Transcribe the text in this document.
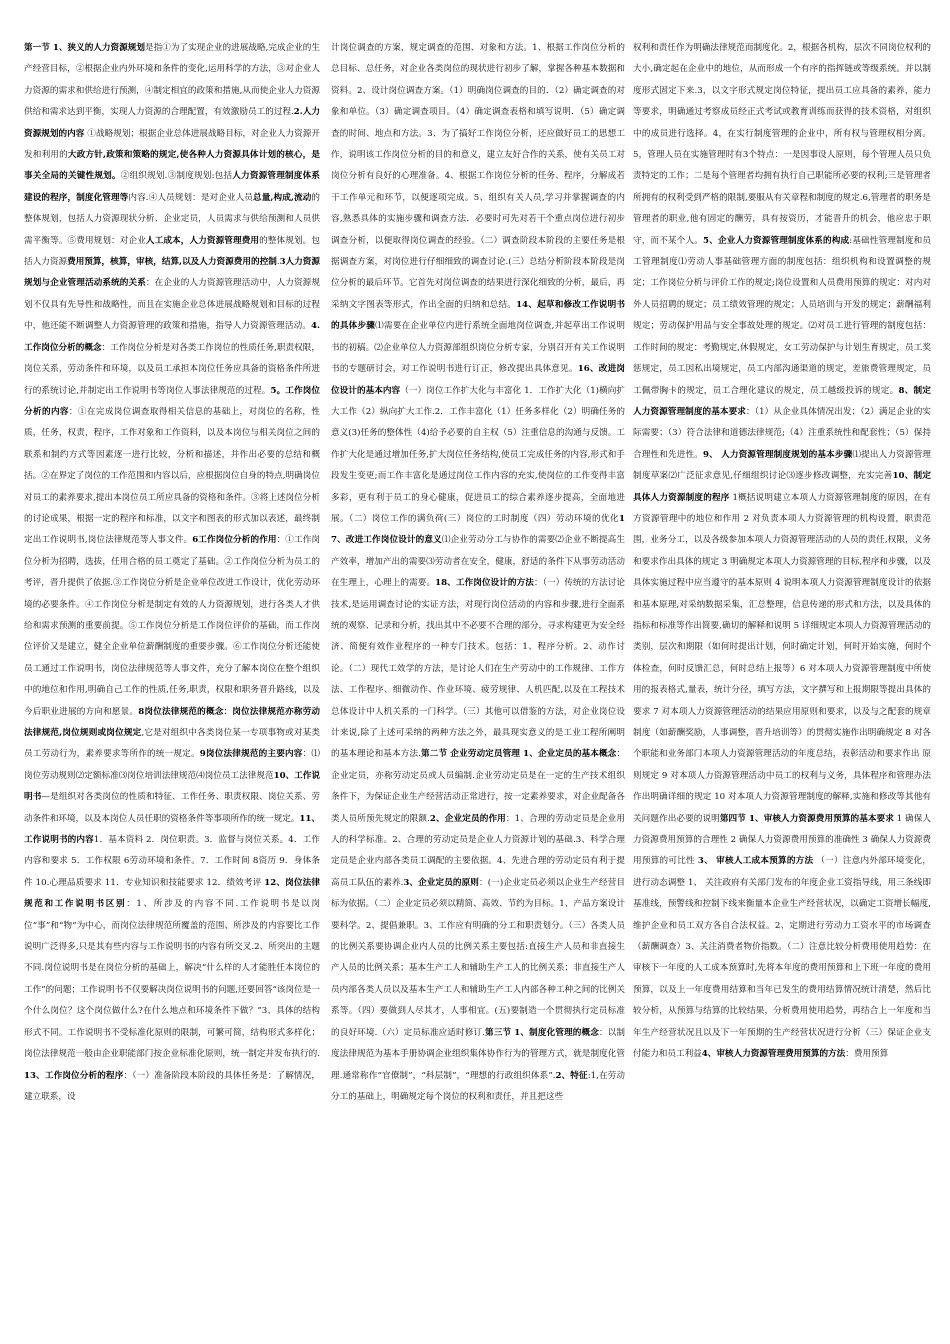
第一节 1、狭义的人力资源规划是指①为了实现企业的进展战略,完成企业的生产经营目标，②根据企业内外环境和条件的变化,运用科学的方法，③对企业人力资源的需求和供给进行预测，④制定相宜的政策和措施,从而使企业人力资源供给和需求达到平衡，实现人力资源的合理配置，有效激励员工的过程.2.人力资源规划的内容 ①战略规划；根据企业总体进展战略目标，对企业人力资源开发和利用的大政方针,政策和策略的规定,使各种人力资源具体计划的核心，是事关全局的关键性规划。②组织规划.③制度规划:包括人力资源管理制度体系建设的程序，制度化管理等内容.④人员规划：是对企业人员总量,构成,流动的整体规划，包括人力资源现状分析、企业定员，人员需求与供给预测和人员供需平衡等。⑤费用规划：对企业人工成本，人力资源管理费用的整体规划。包括人力资源费用预算，核算，审核，结算,以及人力资源费用的控制.3人力资源规划与企业管理活动系统的关系：在企业的人力资源管理活动中，人力资源规划不仅具有先导性和战略性，而且在实施企业总体进展战略规划和目标的过程中，他还能不断调整人力资源管理的政策和措施，指导人力资源管理活动。4.工作岗位分析的概念：工作岗位分析是对各类工作岗位的性质任务,职责权限，岗位关系，劳动条件和环境，以及员工承担本岗位任务应具备的资格条件所进行的系统讨论,并制定出工作说明书等岗位人事法律规范的过程。5。工作岗位分析的内容：①在完成岗位调查取得相关信息的基础上，对岗位的名称，性质，任务，权责，程序，工作对象和工作资料，以及本岗位与相关岗位之间的联系和制约方式等因素逐一进行比较，分析和描述，并作出必要的总结和概括。②在界定了岗位的工作范围和内容以后，应根据岗位自身的特点,明确岗位对员工的素养要求,提出本岗位员工所应具备的资格和条件。③将上述岗位分析的讨论成果，根据一定的程序和标准，以文字和图表的形式加以表述，最终制定出工作说明书,岗位法律规范等人事文件。6工作岗位分析的作用：①工作岗位分析为招聘，选拔，任用合格的员工奠定了基础。②工作岗位分析为员工的考评，晋升提供了依据.③工作岗位分析是企业单位改进工作设计，优化劳动环境的必要条件。④工作岗位分析是制定有效的人力资源规划，进行各类人才供给和需求预测的重要前提。⑤工作岗位分析是工作岗位评价的基础，而工作岗位评价又是建立，健全企业单位薪酬制度的重要步骤。⑥工作岗位分析还能使员工通过工作说明书，岗位法律规范等人事文件，充分了解本岗位在整个组织中的地位和作用,明确自己工作的性质,任务,职责，权限和职务晋升路线，以及今后职业进展的方向和愿景。8岗位法律规范的概念：岗位法律规范亦称劳动法律规范,岗位规则或岗位规定,它是对组织中各类岗位某一专项事物或对某类员工劳动行为，素养要求等所作的统一规定。9岗位法律规范的主要内容：⑴岗位劳动规则⑵定额标准⑶岗位培训法律规范⑷岗位员工法律规范10、工作说明书—是组织对各类岗位的性质和特征、工作任务、职责权限、岗位关系、劳动条件和环境，以及本岗位人员任职的资格条件等事项所作的统一规定。11、工作说明书的内容1．基本资料 2．岗位职责。3．监督与岗位关系。4．工作内容和要求 5．工作权限 6劳动环境和条件。7．工作时间 8资历 9．身体条件 10.心理品质要求 11．专业知识和技能要求 12．绩效考评 12、岗位法律规范和工作说明书区别：1、所涉及的内容不同.工作说明书是以岗位“事”和“物”为中心，而岗位法律规范所覆盖的范围、所涉及的内容要比工作说明广泛得多,只是其有些内容与工作说明书的内容有所交叉.2、所突出的主题不同.岗位说明书是在岗位分析的基础上，解决“什么样的人才能胜任本岗位的工作”的问题；工作说明书不仅要解决岗位说明书的问题,还要回答“该岗位是一个什么岗位？这个岗位做什么?在什么地点和环境条件下做？”3、具体的结构形式不同。工作说明书不受标准化原则的限制，可繁可简，结构形式多样化；岗位法律规范一般由企业职能部门按企业标准化原则，统一制定并发布执行的.13、工作岗位分析的程序：（一）准备阶段本阶段的具体任务是：了解情况，建立联系，设
计岗位调查的方案，规定调查的范围、对象和方法。1、根据工作岗位分析的总目标、总任务，对企业各类岗位的现状进行初步了解，掌握各种基本数据和资料。2、设计岗位调查方案。（1）明确岗位调查的目的．（2）确定调查的对象和单位。（3）确定调查项目。（4）确定调查表格和填写说明．（5）确定调查的时间、地点和方法。3、为了搞好工作岗位分析，还应做好员工的思想工作，说明该工作岗位分析的目的和意义，建立友好合作的关系，使有关员工对岗位分析有良好的心理准备。4、根据工作岗位分析的任务、程序，分解成若干工作单元和环节，以便逐项完成。5、组织有关人员,学习并掌握调查的内容,熟悉具体的实施步骤和调查方法．必要时可先对若干个重点岗位进行初步调查分析，以便取得岗位调查的经验。（二）调查阶段本阶段的主要任务是根据调查方案，对岗位进行仔细细致的调查讨论.(三）总结分析阶段本阶段是岗位分析的最后环节。它首先对岗位调查的结果进行深化细致的分析，最后，再采纳文字图表等形式，作出全面的归纳和总结。14、起草和修改工作说明书的具体步骤⑴需要在企业单位内进行系统全面地岗位调查,并起草出工作说明书的初稿。⑵企业单位人力资源部组织岗位分析专家，分别召开有关工作说明书的专题研讨会，对工作说明书进行订正，修改提出具体意见。16、改进岗位设计的基本内容（一）岗位工作扩大化与丰富化 1．工作扩大化（1)横向扩大工作（2）纵向扩大工作.2．工作丰富化（1）任务多样化（2）明确任务的意义(3)任务的整体性（4)给予必要的自主权（5）注重信息的沟通与反馈。工作扩大化是通过增加任务,扩大岗位任务结构,使员工完成任务的内容,形式和手段发生变更;而工作丰富化是通过岗位工作内容的充实,使岗位的工作变得丰富多彩，更有利于员工的身心健康，促进员工的综合素养逐步提高，全面地进展。（二）岗位工作的满负荷(三）岗位的工时制度（四）劳动环境的优化17、改进工作岗位设计的意义⑴企业劳动分工与协作的需要⑵企业不断提高生产效率，增加产出的需要⑶劳动者在安全，健康，舒适的条件下从事劳动活动在生理上，心理上的需要。18、工作岗位设计的方法：（一）传统的方法讨论技术,是运用调查讨论的实证方法，对现行岗位活动的内容和步骤,进行全面系统的观察、记录和分析，找出其中不必要不合理的部分，寻求构建更为安全经济、简便有效作业程序的一种专门技术。包括：1、程序分析。2、动作讨论。（二）现代工效学的方法，是讨论人们在生产劳动中的工作规律、工作方法、工作程序、细微动作、作业环境、疲劳规律、人机匹配,以及在工程技术总体设计中人机关系的一门科学。（三）其他可以借鉴的方法，对企业岗位设计来说,除了上述可采纳的两种方法之外，最具现实意义的是工业工程所阐明的基本理论和基本方法.第二节 企业劳动定员管理 1、企业定员的基本概念：企业定员，亦称劳动定员或人员编制.企业劳动定员是在一定的生产技术组织条件下，为保证企业生产经营活动正常进行，按一定素养要求，对企业配备各类人员所预先规定的限额.2、企业定员的作用：1、合理的劳动定员是企业用人的科学标准。2、合理的劳动定员是企业人力资源计划的基础.3、科学合理定员是企业内部各类员工调配的主要依据。4、先进合理的劳动定员有利于提高员工队伍的素养.3、企业定员的原则：(一)企业定员必须以企业生产经营目标为依据。（二）企业定员必须以精简、高效、节约为目标。1、产品方案设计要科学。2、提倡兼职。3、工作应有明确的分工和职责划分。（三）各类人员的比例关系要协调企业内人员的比例关系主要包括:直接生产人员和非直接生产人员的比例关系；基本生产工人和辅助生产工人的比例关系；非直接生产人员内部各类人员以及基本生产工人和辅助生产工人内部各种工种之间的比例关系等。（四）要做到人尽其才，人事相宜。(五)要制造一个贯彻执行定员标准的良好环境.（六）定员标准应适时修订.第三节 1、制度化管理的概念：以制度法律规范为基本手册协调企业组织集体协作行为的管理方式，就是制度化管理.通常称作“官僚制”，“科层制”，“理想的行政组织体系”.2、特征:1,在劳动分工的基础上，明确规定每个岗位的权利和责任，并且把这些
权利和责任作为明确法律规范而制度化。2，根据各机构，层次不同岗位权利的大小,确定起在企业中的地位，从而形成一个有序的指挥链或等级系统。并以制度形式固定下来.3，以文字形式规定岗位特征，提出员工应具备的素养，能力等要求，明确通过考察成员经正式考试或教育训练而获得的技术资格，对组织中的成员进行选择。4，在实行制度管理的企业中，所有权与管理权相分离。5，管理人员在实施管理时有3个特点：一是因事设人原则，每个管理人员只负责特定的工作；二是每个管理者均拥有执行自己职能所必要的权利;三是管理者所拥有的权利受到严格的限制,要服从有关章程和制度的规定.6,管理者的职务是管理者的职业,他有固定的酬劳，具有按资历，才能晋升的机会，他应忠于职守，而不某个人。5、企业人力资源管理制度体系的构成:基础性管理制度和员工管理制度⑴劳动人事基础管理方面的制度包括：组织机构和设置调整的规定；工作岗位分析与评价工作的规定;岗位设置和人员费用预算的规定：对内对外人员招聘的规定；员工绩效管理的规定；人员培训与开发的规定；薪酬福利规定；劳动保护用品与安全事故处理的规定。⑵对员工进行管理的制度包括：工作时间的规定：考勤规定,休假规定，女工劳动保护与计划生育规定，员工奖惩规定，员工因私出境规定，员工内部沟通渠道的规定，差旅费管理规定，员工佩带胸卡的规定，员工合理化建议的规定，员工越级投诉的规定。8、制定人力资源管理制度的基本要求：（1）从企业具体情况出发；（2）满足企业的实际需要；（3）符合法律和道德法律规范;（4）注重系统性和配套性；（5）保持合理性和先进性。9、 人力资源管理制度规划的基本步骤⑴提出人力资源管理制度草案⑵广泛征求意见,仔细组织讨论⑶逐步修改调整，充实完善10、制定具体人力资源制度的程序 1概括说明建立本项人力资源管理制度的原因，在有方资源管理中的地位和作用 2 对负责本项人力资源管理的机构设置，职责范围，业务分工，以及各级参加本项人力资源管理活动的人员的责任,权限，义务和要求作出具体的规定 3 明确规定本项人力资源管理的目标,程序和步骤，以及具体实施过程中应当遵守的基本原则 4 说明本项人力资源管理制度设计的依据和基本原理,对采纳数据采集，汇总整理，信息传递的形式和方法，以及具体的指标和标准等作出简要,确切的解释和说明 5 详细规定本项人力资源管理活动的类别，层次和期限（如何时提出计划，何时确定计划，何时开始实施，何时个体检查，何时反馈汇总，何时总结上报等）6 对本项人力资源管理制度中所使用的报表格式,量表，统计分径，填写方法，文字撰写和上报期限等提出具体的要求 7 对本项人力资源管理活动的结果应用原则和要求，以及与之配套的规章制度（如薪酬奖励，人事调整，晋升培训等）的贯彻实施作出明确规定 8 对各个职能和业务部门本项人力资源管理活动的年度总结，表彰活动和要求作出 原则规定 9 对本项人力资源管理活动中员工的权利与义务，具体程序和管理办法作出明确详细的规定 10 对本项人力资源管理制度的解释,实施和修改等其他有关问题作出必要的说明第四节 1、审核人力资源费用预算的基本要求 1 确保人力资源费用预算的合理性 2 确保人力资源费用预算的准确性 3 确保人力资源费用预算的可比性 3、 审核人工成本预算的方法 （一）注意内外部环境变化，进行动态调整 1、 关注政府有关部门发布的年度企业工资指导线，用三条线即基准线，预警线和控制下线来衡量本企业生产经营状况，以确定工资增长幅度,维护企业和员工双方各自合法权益。2、定期进行劳动力工资水平的市场调查（薪酬调查）3、关注消费者物价指数。（二）注意比较分析费用使用趋势：在审核下一年度的人工成本预算时,先将本年度的费用预算和上下班一年度的费用预算，以及上一年度费用结算和当年已发生的费用结算情况统计清楚，然后比较分析，从预算与结算的比较结果，分析费用使用趋势，再结合上一年度和当年生产经营状况且以及下一年预期的生产经营状况进行分析（三）保证企业支付能力和员工利益4、审核人力资源管理费用预算的方法：费用预算
